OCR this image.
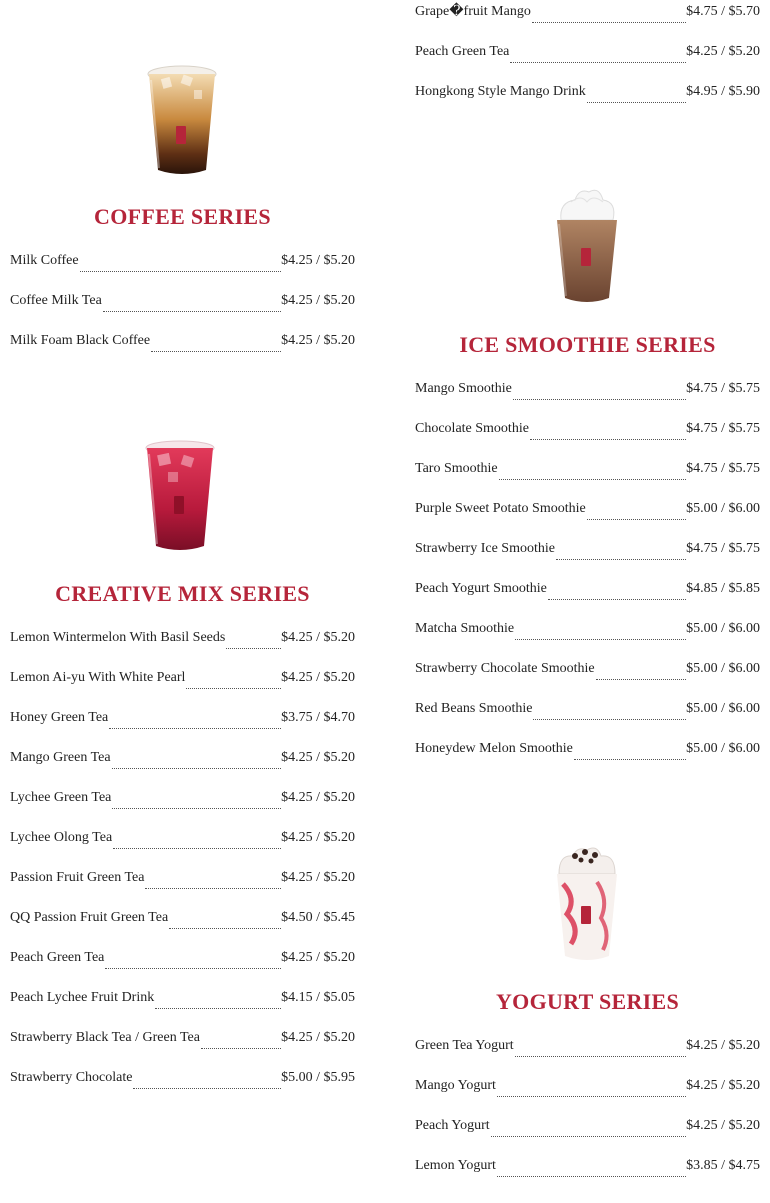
COFFEE SERIES
Milk Coffee	$4.25 / $5.20
Coffee Milk Tea	$4.25 / $5.20
Milk Foam Black Coffee	$4.25 / $5.20
CREATIVE MIX SERIES
Lemon Wintermelon With Basil Seeds	$4.25 / $5.20
Lemon Ai-yu With White Pearl	$4.25 / $5.20
Honey Green Tea	$3.75 / $4.70
Mango Green Tea	$4.25 / $5.20
Lychee Green Tea	$4.25 / $5.20
Lychee Olong Tea	$4.25 / $5.20
Passion Fruit Green Tea	$4.25 / $5.20
QQ Passion Fruit Green Tea	$4.50 / $5.45
Peach Green Tea	$4.25 / $5.20
Peach Lychee Fruit Drink	$4.15 / $5.05
Strawberry Black Tea / Green Tea	$4.25 / $5.20
Strawberry Chocolate	$5.00 / $5.95
Grape�fruit Mango	$4.75 / $5.70
Peach Green Tea	$4.25 / $5.20
Hongkong Style Mango Drink	$4.95 / $5.90
ICE SMOOTHIE SERIES
Mango Smoothie	$4.75 / $5.75
Chocolate Smoothie	$4.75 / $5.75
Taro Smoothie	$4.75 / $5.75
Purple Sweet Potato Smoothie	$5.00 / $6.00
Strawberry Ice Smoothie	$4.75 / $5.75
Peach Yogurt Smoothie	$4.85 / $5.85
Matcha Smoothie	$5.00 / $6.00
Strawberry Chocolate Smoothie	$5.00 / $6.00
Red Beans Smoothie	$5.00 / $6.00
Honeydew Melon Smoothie	$5.00 / $6.00
YOGURT SERIES
Green Tea Yogurt	$4.25 / $5.20
Mango Yogurt	$4.25 / $5.20
Peach Yogurt	$4.25 / $5.20
Lemon Yogurt	$3.85 / $4.75
